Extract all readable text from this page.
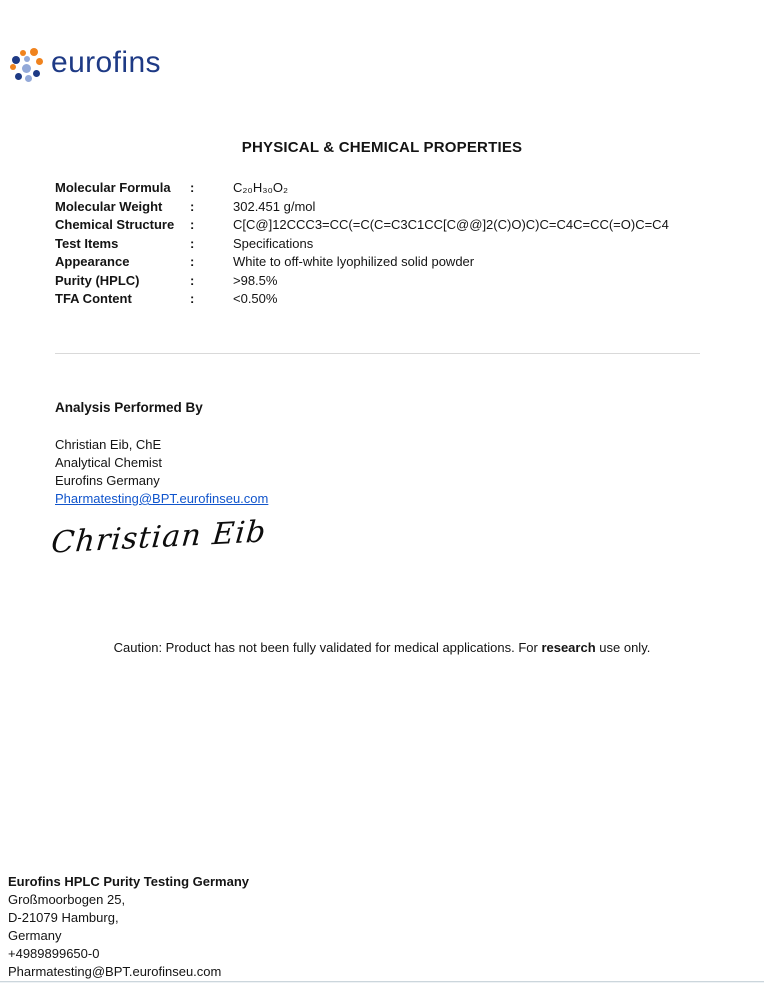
eurofins
PHYSICAL & CHEMICAL PROPERTIES
Molecular Formula	:	C₂₀H₃₀O₂
Molecular Weight	:	302.451 g/mol
Chemical Structure	:	C[C@]12CCC3=CC(=C(C=C3C1CC[C@@]2(C)O)C)C=C4C=CC(=O)C=C4
Test Items	:	Specifications
Appearance	:	White to off-white lyophilized solid powder
Purity (HPLC)	:	>98.5%
TFA Content	:	<0.50%
Analysis Performed By
Christian Eib, ChE
Analytical Chemist
Eurofins Germany
Pharmatesting@BPT.eurofinseu.com
Christian Eib

Caution: Product has not been fully validated for medical applications. For research use only.

Eurofins HPLC Purity Testing Germany
Großmoorbogen 25,
D-21079 Hamburg,
Germany
+4989899650-0
Pharmatesting@BPT.eurofinseu.com
